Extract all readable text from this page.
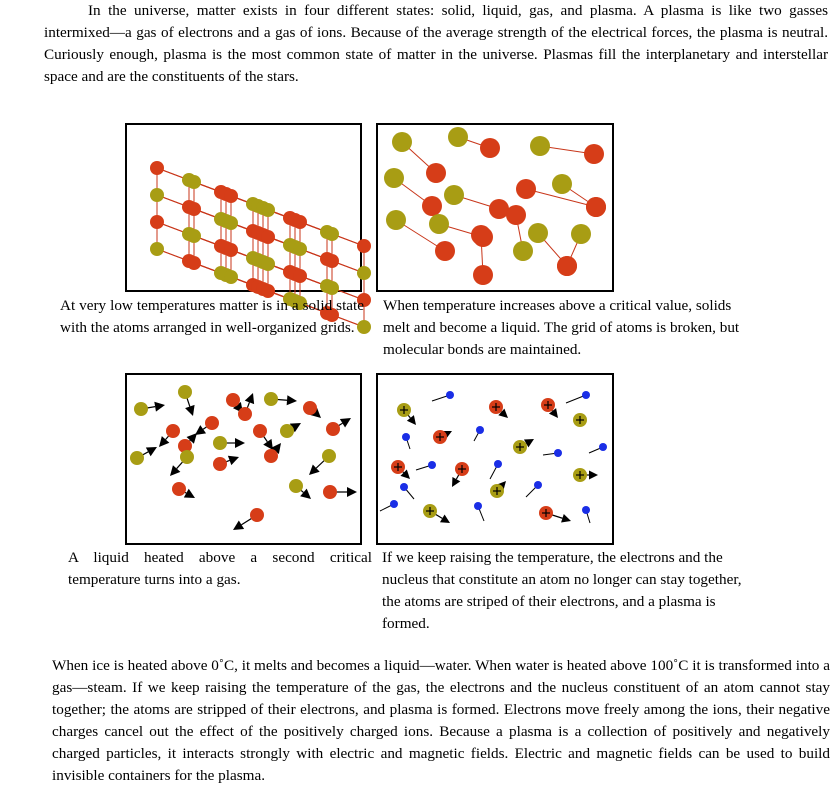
In the universe, matter exists in four different states: solid, liquid, gas, and plasma. A plasma is like two gasses intermixed—a gas of electrons and a gas of ions. Because of the average strength of the electrical forces, the plasma is neutral. Curiously enough, plasma is the most common state of matter in the universe. Plasmas fill the interplanetary and interstellar space and are the constituents of the stars.
At very low temperatures matter is in a solid state with the atoms arranged in well-organized grids.
When temperature increases above a critical value, solids melt and become a liquid. The grid of atoms is broken, but molecular bonds are maintained.
A liquid heated above a second critical temperature turns into a gas.
If we keep raising the temperature, the electrons and the nucleus that constitute an atom no longer can stay together, the atoms are striped of their electrons, and a plasma is formed.
When ice is heated above 0˚C, it melts and becomes a liquid—water. When water is heated above 100˚C it is transformed into a gas—steam. If we keep raising the temperature of the gas, the electrons and the nucleus constituent of an atom cannot stay together; the atoms are stripped of their electrons, and plasma is formed. Electrons move freely among the ions, their negative charges cancel out the effect of the positively charged ions. Because a plasma is a collection of positively and negatively charged particles, it interacts strongly with electric and magnetic fields. Electric and magnetic fields can be used to build invisible containers for the plasma.
